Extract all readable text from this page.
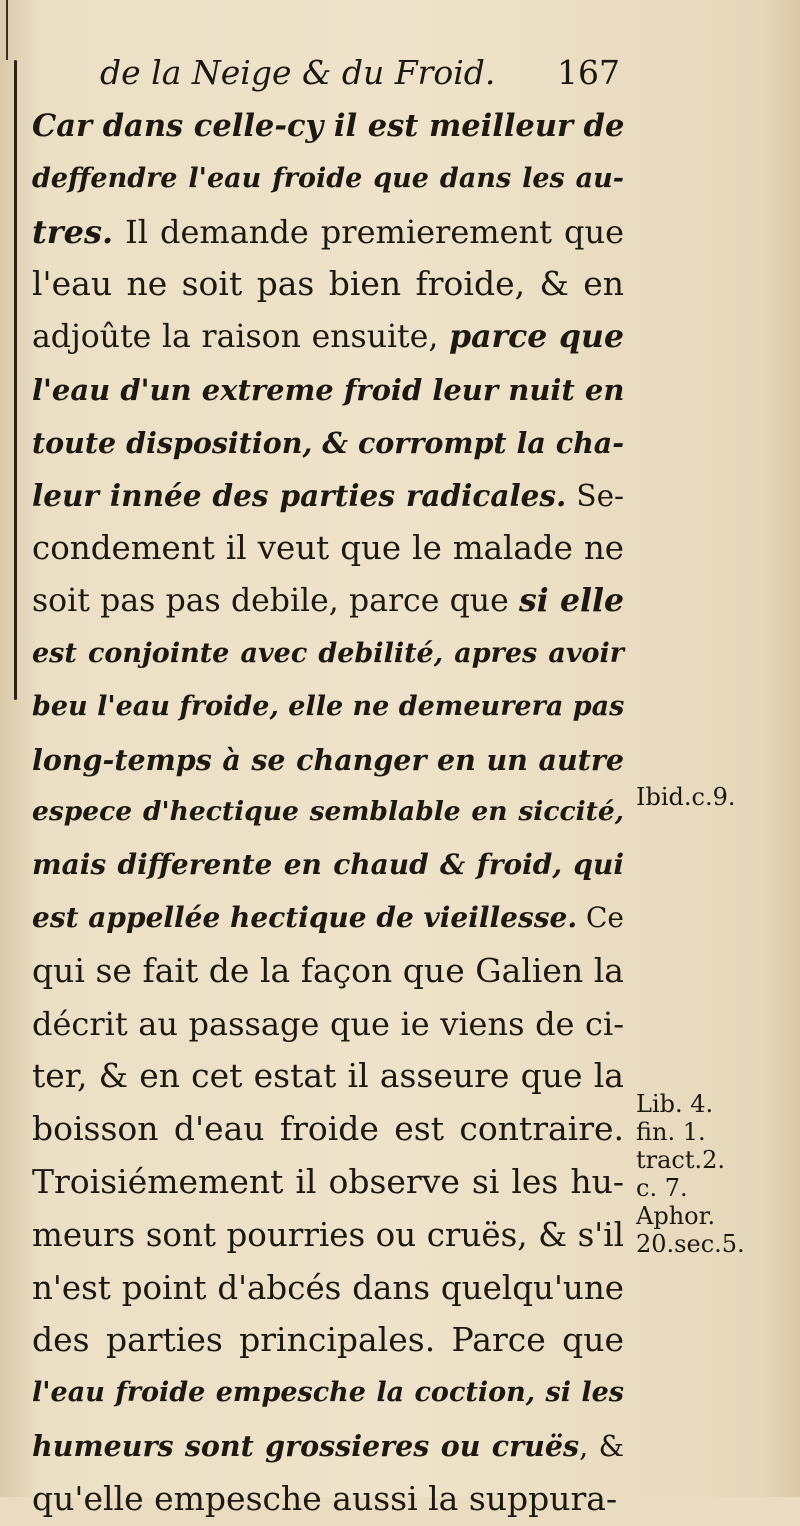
de la Neige & du Froid. 167
Car dans celle-cy il est meilleur de
deffendre l'eau froide que dans les au-
tres. Il demande premierement que
l'eau ne soit pas bien froide, & en
adjoûte la raison ensuite, parce que
l'eau d'un extreme froid leur nuit en
toute disposition, & corrompt la cha-
leur innée des parties radicales. Se-
condement il veut que le malade ne
soit pas pas debile, parce que si elle
est conjointe avec debilité, apres avoir
beu l'eau froide, elle ne demeurera pas
long-temps à se changer en un autre
espece d'hectique semblable en siccité,
mais differente en chaud & froid, qui
est appellée hectique de vieillesse. Ce
qui se fait de la façon que Galien la
décrit au passage que ie viens de ci-
ter, & en cet estat il asseure que la
boisson d'eau froide est contraire.
Troisiémement il observe si les hu-
meurs sont pourries ou cruës, & s'il
n'est point d'abcés dans quelqu'une
des parties principales. Parce que
l'eau froide empesche la coction, si les
humeurs sont grossieres ou cruës, &
qu'elle empesche aussi la suppura-
Ibid.c.9.
Lib. 4.
fin. 1.
tract.2.
c. 7.
Aphor.
20.sec.5.
